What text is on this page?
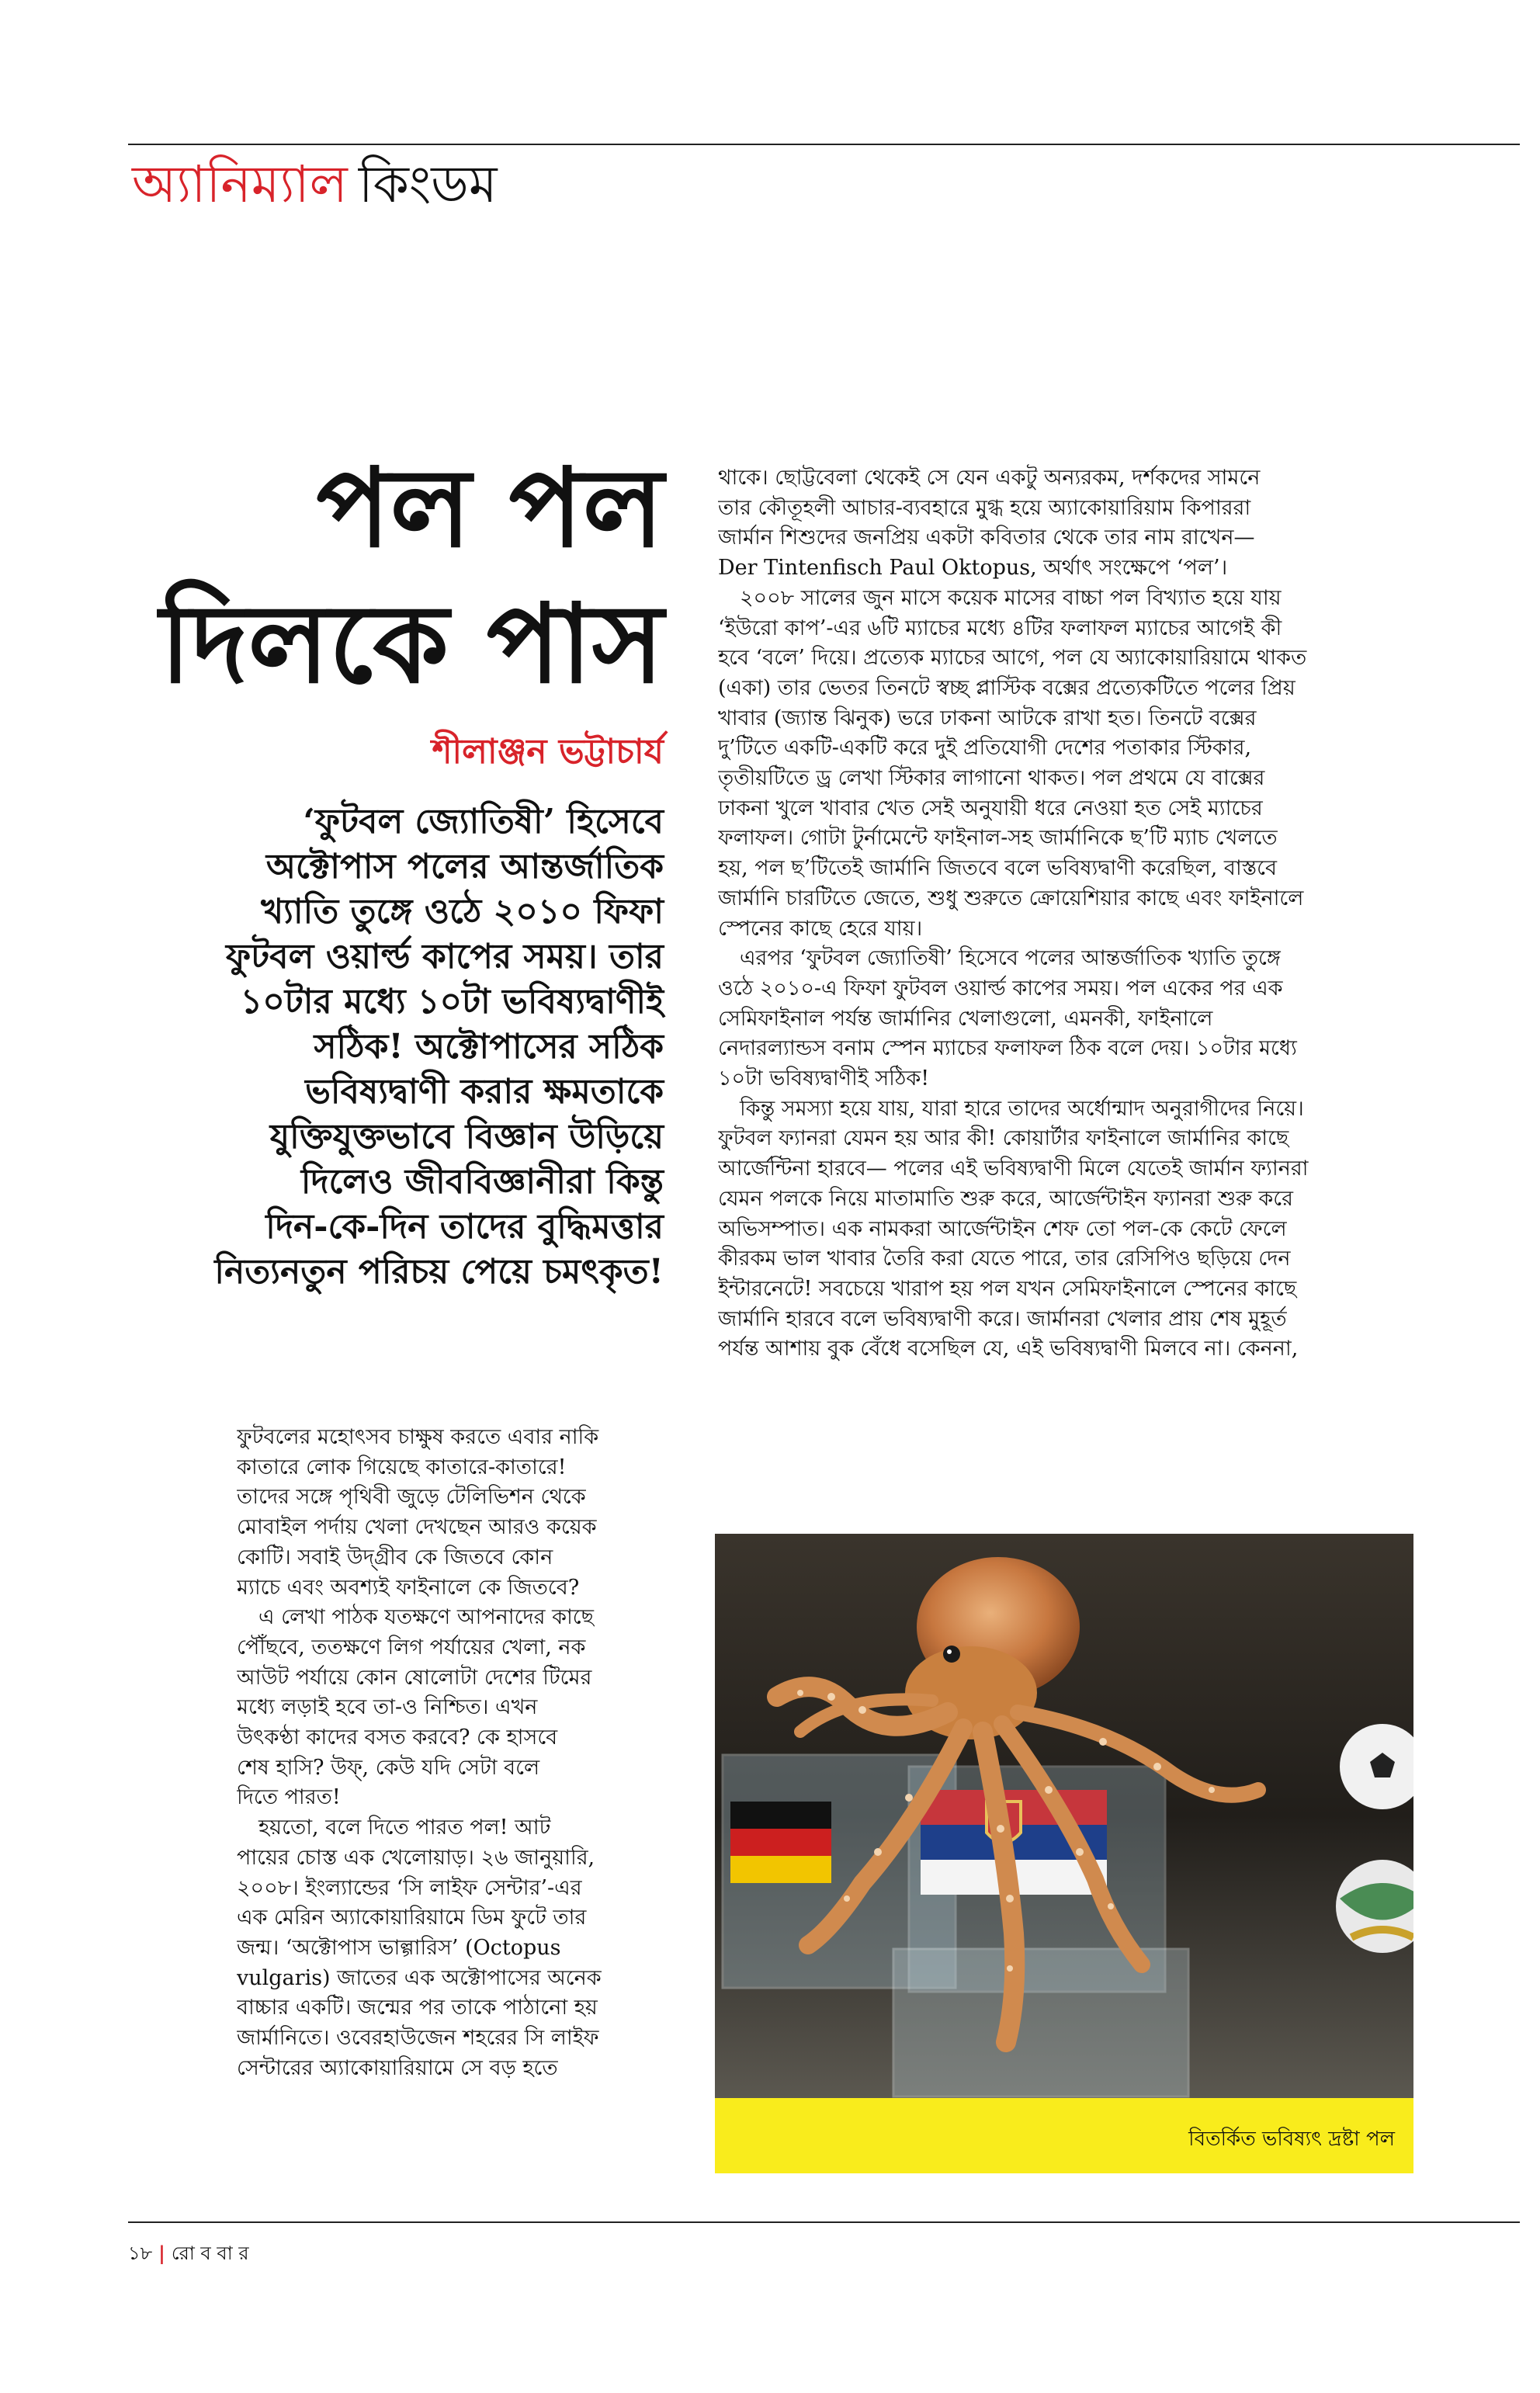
অ্যানিম্যাল কিংডম
পল পল
দিলকে পাস
শীলাঞ্জন ভট্টাচার্য
‘ফুটবল জ্যোতিষী’ হিসেবে
অক্টোপাস পলের আন্তর্জাতিক
খ্যাতি তুঙ্গে ওঠে ২০১০ ফিফা
ফুটবল ওয়ার্ল্ড কাপের সময়। তার
১০টার মধ্যে ১০টা ভবিষ্যদ্বাণীই
সঠিক! অক্টোপাসের সঠিক
ভবিষ্যদ্বাণী করার ক্ষমতাকে
যুক্তিযুক্তভাবে বিজ্ঞান উড়িয়ে
দিলেও জীববিজ্ঞানীরা কিন্তু
দিন-কে-দিন তাদের বুদ্ধিমত্তার
নিত্যনতুন পরিচয় পেয়ে চমৎকৃত!
ফুটবলের মহোৎসব চাক্ষুষ করতে এবার নাকি
কাতারে লোক গিয়েছে কাতারে-কাতারে!
তাদের সঙ্গে পৃথিবী জুড়ে টেলিভিশন থেকে
মোবাইল পর্দায় খেলা দেখছেন আরও কয়েক
কোটি। সবাই উদ্গ্রীব কে জিতবে কোন
ম্যাচে এবং অবশ্যই ফাইনালে কে জিতবে?
এ লেখা পাঠক যতক্ষণে আপনাদের কাছে
পৌঁছবে, ততক্ষণে লিগ পর্যায়ের খেলা, নক
আউট পর্যায়ে কোন ষোলোটা দেশের টিমের
মধ্যে লড়াই হবে তা-ও নিশ্চিত। এখন
উৎকণ্ঠা কাদের বসত করবে? কে হাসবে
শেষ হাসি? উফ্, কেউ যদি সেটা বলে
দিতে পারত!
হয়তো, বলে দিতে পারত পল! আট
পায়ের চোস্ত এক খেলোয়াড়। ২৬ জানুয়ারি,
২০০৮। ইংল্যান্ডের ‘সি লাইফ সেন্টার’-এর
এক মেরিন অ্যাকোয়ারিয়ামে ডিম ফুটে তার
জন্ম। ‘অক্টোপাস ভাল্গারিস’ (Octopus
vulgaris) জাতের এক অক্টোপাসের অনেক
বাচ্চার একটি। জন্মের পর তাকে পাঠানো হয়
জার্মানিতে। ওবেরহাউজেন শহরের সি লাইফ
সেন্টারের অ্যাকোয়ারিয়ামে সে বড় হতে
থাকে। ছোট্টবেলা থেকেই সে যেন একটু অন্যরকম, দর্শকদের সামনে
তার কৌতূহলী আচার-ব্যবহারে মুগ্ধ হয়ে অ্যাকোয়ারিয়াম কিপাররা
জার্মান শিশুদের জনপ্রিয় একটা কবিতার থেকে তার নাম রাখেন—
Der Tintenfisch Paul Oktopus, অর্থাৎ সংক্ষেপে ‘পল’।
২০০৮ সালের জুন মাসে কয়েক মাসের বাচ্চা পল বিখ্যাত হয়ে যায়
‘ইউরো কাপ’-এর ৬টি ম্যাচের মধ্যে ৪টির ফলাফল ম্যাচের আগেই কী
হবে ‘বলে’ দিয়ে। প্রত্যেক ম্যাচের আগে, পল যে অ্যাকোয়ারিয়ামে থাকত
(একা) তার ভেতর তিনটে স্বচ্ছ প্লাস্টিক বক্সের প্রত্যেকটিতে পলের প্রিয়
খাবার (জ্যান্ত ঝিনুক) ভরে ঢাকনা আটকে রাখা হত। তিনটে বক্সের
দু’টিতে একটি-একটি করে দুই প্রতিযোগী দেশের পতাকার স্টিকার,
তৃতীয়টিতে ড্র লেখা স্টিকার লাগানো থাকত। পল প্রথমে যে বাক্সের
ঢাকনা খুলে খাবার খেত সেই অনুযায়ী ধরে নেওয়া হত সেই ম্যাচের
ফলাফল। গোটা টুর্নামেন্টে ফাইনাল-সহ জার্মানিকে ছ’টি ম্যাচ খেলতে
হয়, পল ছ’টিতেই জার্মানি জিতবে বলে ভবিষ্যদ্বাণী করেছিল, বাস্তবে
জার্মানি চারটিতে জেতে, শুধু শুরুতে ক্রোয়েশিয়ার কাছে এবং ফাইনালে
স্পেনের কাছে হেরে যায়।
এরপর ‘ফুটবল জ্যোতিষী’ হিসেবে পলের আন্তর্জাতিক খ্যাতি তুঙ্গে
ওঠে ২০১০-এ ফিফা ফুটবল ওয়ার্ল্ড কাপের সময়। পল একের পর এক
সেমিফাইনাল পর্যন্ত জার্মানির খেলাগুলো, এমনকী, ফাইনালে
নেদারল্যান্ডস বনাম স্পেন ম্যাচের ফলাফল ঠিক বলে দেয়। ১০টার মধ্যে
১০টা ভবিষ্যদ্বাণীই সঠিক!
কিন্তু সমস্যা হয়ে যায়, যারা হারে তাদের অর্ধোন্মাদ অনুরাগীদের নিয়ে।
ফুটবল ফ্যানরা যেমন হয় আর কী! কোয়ার্টার ফাইনালে জার্মানির কাছে
আর্জেন্টিনা হারবে— পলের এই ভবিষ্যদ্বাণী মিলে যেতেই জার্মান ফ্যানরা
যেমন পলকে নিয়ে মাতামাতি শুরু করে, আর্জেন্টাইন ফ্যানরা শুরু করে
অভিসম্পাত। এক নামকরা আর্জেন্টাইন শেফ তো পল-কে কেটে ফেলে
কীরকম ভাল খাবার তৈরি করা যেতে পারে, তার রেসিপিও ছড়িয়ে দেন
ইন্টারনেটে! সবচেয়ে খারাপ হয় পল যখন সেমিফাইনালে স্পেনের কাছে
জার্মানি হারবে বলে ভবিষ্যদ্বাণী করে। জার্মানরা খেলার প্রায় শেষ মুহূর্ত
পর্যন্ত আশায় বুক বেঁধে বসেছিল যে, এই ভবিষ্যদ্বাণী মিলবে না। কেননা,
বিতর্কিত ভবিষ্যৎ দ্রষ্টা পল
১৮ | রো ব বা র
